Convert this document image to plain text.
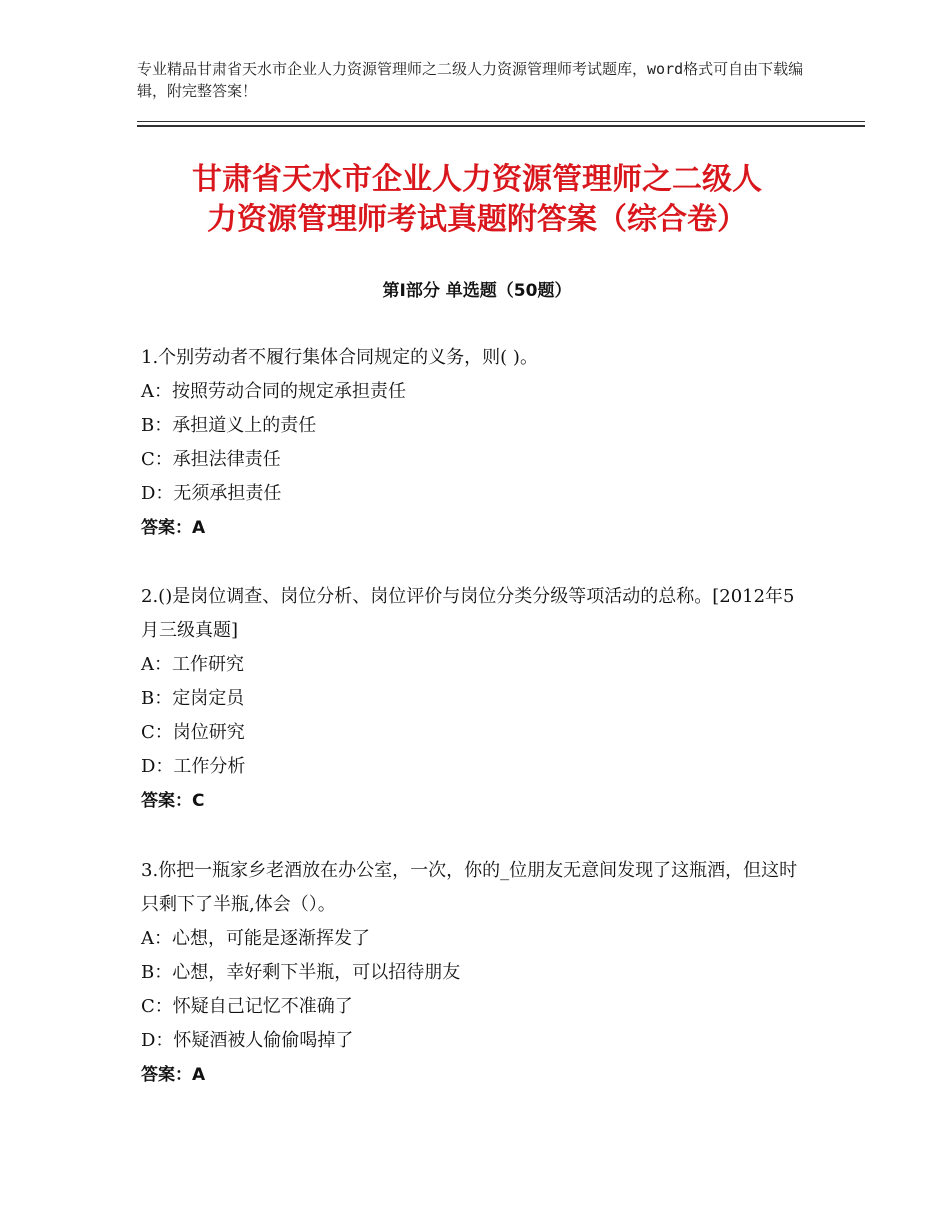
专业精品甘肃省天水市企业人力资源管理师之二级人力资源管理师考试题库，word格式可自由下载编辑，附完整答案！
甘肃省天水市企业人力资源管理师之二级人
力资源管理师考试真题附答案（综合卷）
第Ⅰ部分 单选题（50题）
1.个别劳动者不履行集体合同规定的义务，则( )。
A：按照劳动合同的规定承担责任
B：承担道义上的责任
C：承担法律责任
D：无须承担责任
答案：A
2.()是岗位调查、岗位分析、岗位评价与岗位分类分级等项活动的总称。[2012年5月三级真题]
A：工作研究
B：定岗定员
C：岗位研究
D：工作分析
答案：C
3.你把一瓶家乡老酒放在办公室，一次，你的_位朋友无意间发现了这瓶酒，但这时只剩下了半瓶,体会（）。
A：心想，可能是逐渐挥发了
B：心想，幸好剩下半瓶，可以招待朋友
C：怀疑自己记忆不准确了
D：怀疑酒被人偷偷喝掉了
答案：A
